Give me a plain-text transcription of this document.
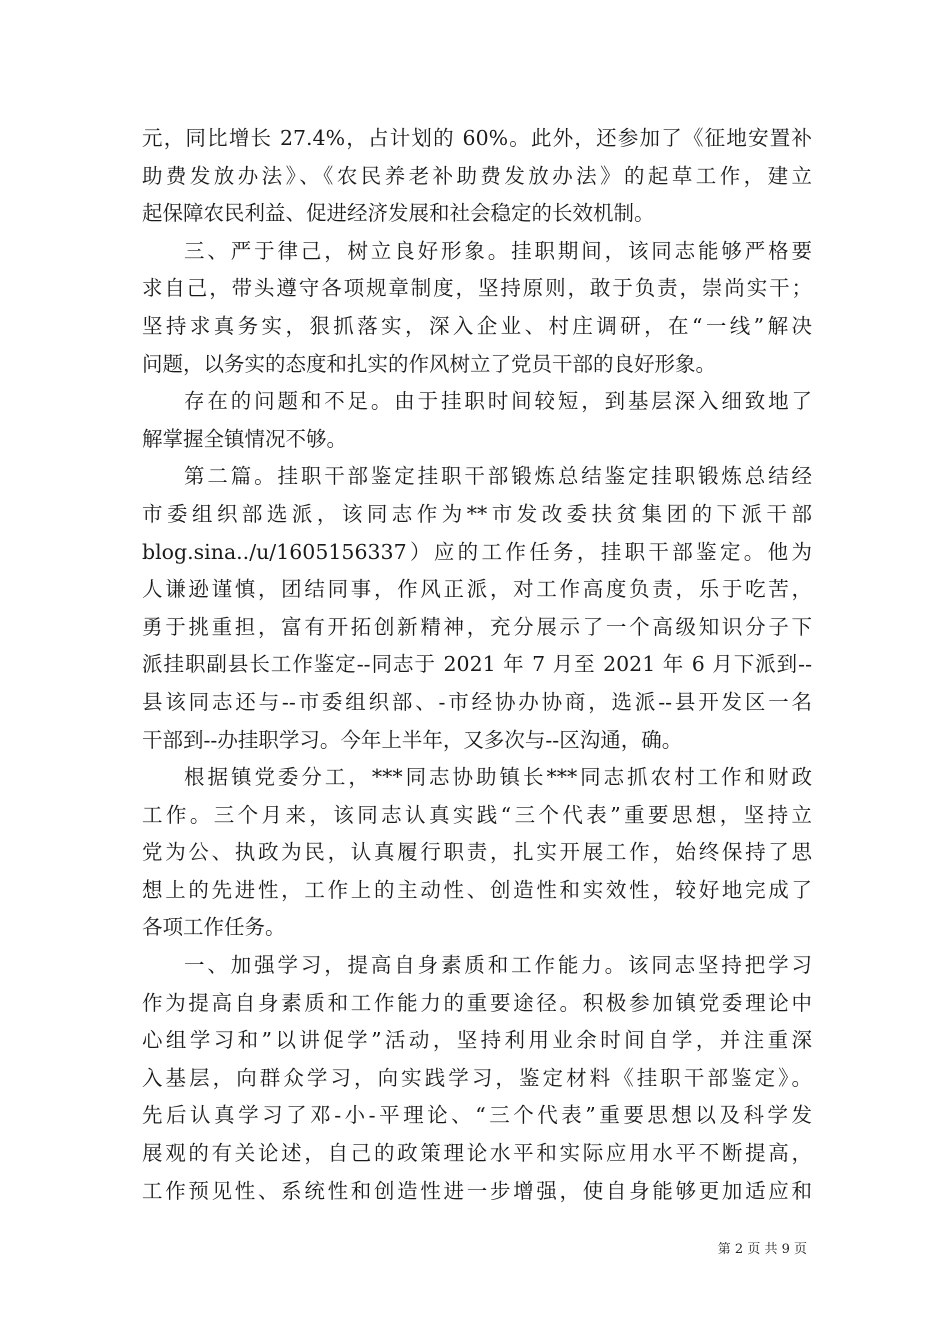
元，同比增长 27.4%，占计划的 60%。此外，还参加了《征地安置补
助费发放办法》、《农民养老补助费发放办法》的起草工作，建立
起保障农民利益、促进经济发展和社会稳定的长效机制。
三、严于律己，树立良好形象。挂职期间，该同志能够严格要
求自己，带头遵守各项规章制度，坚持原则，敢于负责，崇尚实干；
坚持求真务实，狠抓落实，深入企业、村庄调研，在“一线”解决
问题，以务实的态度和扎实的作风树立了党员干部的良好形象。
存在的问题和不足。由于挂职时间较短，到基层深入细致地了
解掌握全镇情况不够。
第二篇。挂职干部鉴定挂职干部锻炼总结鉴定挂职锻炼总结经
市委组织部选派，该同志作为**市发改委扶贫集团的下派干部
blog.sina../u/1605156337）应的工作任务，挂职干部鉴定。他为
人谦逊谨慎，团结同事，作风正派，对工作高度负责，乐于吃苦，
勇于挑重担，富有开拓创新精神，充分展示了一个高级知识分子下
派挂职副县长工作鉴定--同志于 2021 年 7 月至 2021 年 6 月下派到--
县该同志还与--市委组织部、-市经协办协商，选派--县开发区一名
干部到--办挂职学习。今年上半年，又多次与--区沟通，确。
根据镇党委分工，***同志协助镇长***同志抓农村工作和财政
工作。三个月来，该同志认真实践“三个代表”重要思想，坚持立
党为公、执政为民，认真履行职责，扎实开展工作，始终保持了思
想上的先进性，工作上的主动性、创造性和实效性，较好地完成了
各项工作任务。
一、加强学习，提高自身素质和工作能力。该同志坚持把学习
作为提高自身素质和工作能力的重要途径。积极参加镇党委理论中
心组学习和”以讲促学”活动，坚持利用业余时间自学，并注重深
入基层，向群众学习，向实践学习，鉴定材料《挂职干部鉴定》。
先后认真学习了邓-小-平理论、“三个代表”重要思想以及科学发
展观的有关论述，自己的政策理论水平和实际应用水平不断提高，
工作预见性、系统性和创造性进一步增强，使自身能够更加适应和
第 2 页 共 9 页
